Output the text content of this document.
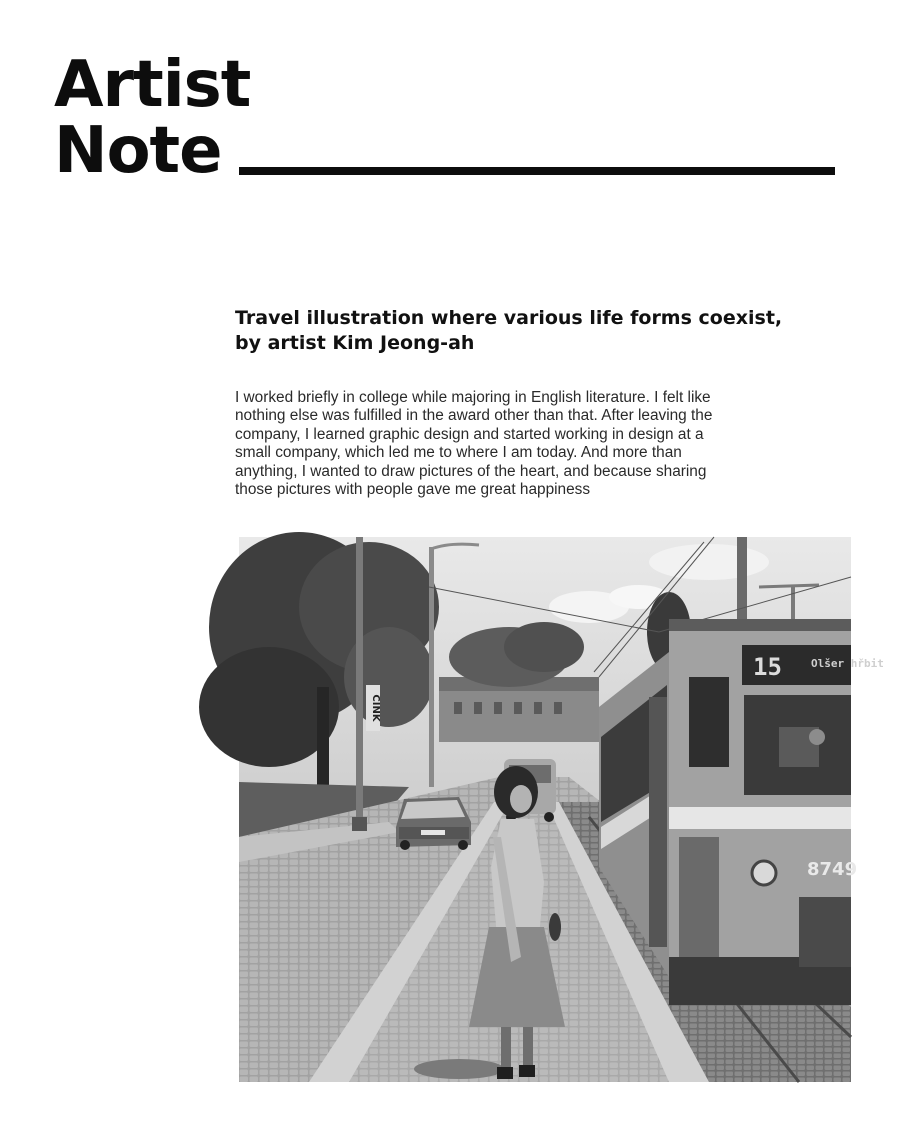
Artist
Note
Travel illustration where various life forms coexist,
by artist Kim Jeong-ah

I worked briefly in college while majoring in English literature. I felt like
nothing else was fulfilled in the award other than that. After leaving the
company, I learned graphic design and started working in design at a
small company, which led me to where I am today. And more than
anything, I wanted to draw pictures of the heart, and because sharing
those pictures with people gave me great happiness

CINK
15	Olšer hřbit
8749
